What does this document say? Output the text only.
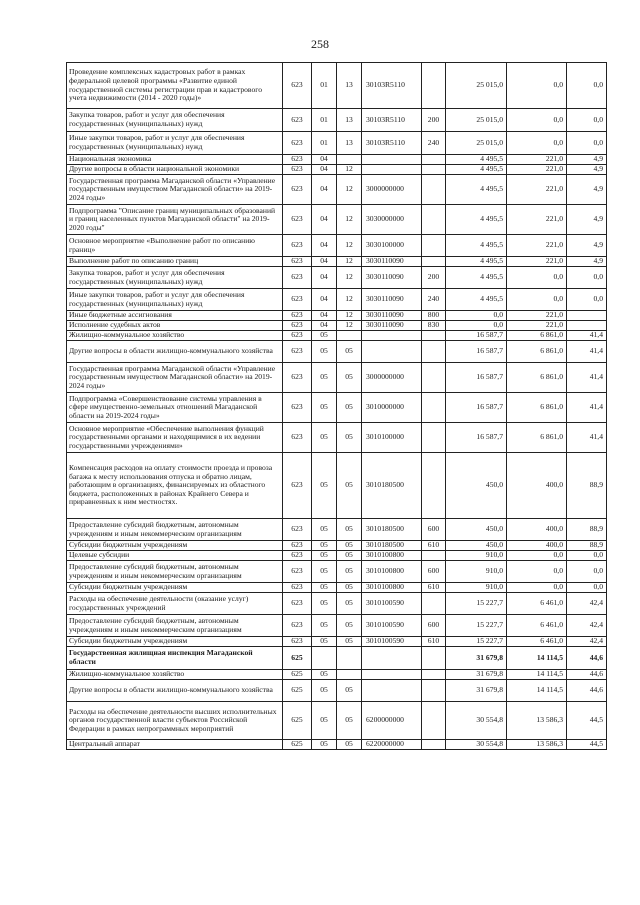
258
Проведение комплексных кадастровых работ в рамках федеральной целевой программы «Развитие единой государственной системы регистрации прав и кадастрового учета недвижимости (2014 - 2020 годы)»	623	01	13	30103R5110		25 015,0	0,0	0,0
Закупка товаров, работ и услуг для обеспечения государственных (муниципальных) нужд	623	01	13	30103R5110	200	25 015,0	0,0	0,0
Иные закупки товаров, работ и услуг для обеспечения государственных (муниципальных) нужд	623	01	13	30103R5110	240	25 015,0	0,0	0,0
Национальная экономика	623	04				4 495,5	221,0	4,9
Другие вопросы в области национальной экономики	623	04	12			4 495,5	221,0	4,9
Государственная программа Магаданской области «Управление государственным имуществом Магаданской области» на 2019-2024 годы»	623	04	12	3000000000		4 495,5	221,0	4,9
Подпрограмма "Описание границ муниципальных образований и границ населенных пунктов Магаданской области" на 2019-2020 годы"	623	04	12	3030000000		4 495,5	221,0	4,9
Основное мероприятие «Выполнение работ по описанию границ»	623	04	12	3030100000		4 495,5	221,0	4,9
Выполнение работ по описанию границ	623	04	12	3030110090		4 495,5	221,0	4,9
Закупка товаров, работ и услуг для обеспечения государственных (муниципальных) нужд	623	04	12	3030110090	200	4 495,5	0,0	0,0
Иные закупки товаров, работ и услуг для обеспечения государственных (муниципальных) нужд	623	04	12	3030110090	240	4 495,5	0,0	0,0
Иные бюджетные ассигнования	623	04	12	3030110090	800	0,0	221,0	
Исполнение судебных актов	623	04	12	3030110090	830	0,0	221,0	
Жилищно-коммунальное хозяйство	623	05				16 587,7	6 861,0	41,4
Другие вопросы в области жилищно-коммунального хозяйства	623	05	05			16 587,7	6 861,0	41,4
Государственная программа Магаданской области «Управление государственным имуществом Магаданской области» на 2019-2024 годы»	623	05	05	3000000000		16 587,7	6 861,0	41,4
Подпрограмма «Совершенствование системы управления в сфере имущественно-земельных отношений Магаданской области на 2019-2024 годы»	623	05	05	3010000000		16 587,7	6 861,0	41,4
Основное мероприятие «Обеспечение выполнения функций государственными органами и находящимися в их ведении государственными учреждениями»	623	05	05	3010100000		16 587,7	6 861,0	41,4
Компенсация расходов на оплату стоимости проезда и провоза багажа к месту использования отпуска и обратно лицам, работающим в организациях, финансируемых из областного бюджета, расположенных в районах Крайнего Севера и приравненных к ним местностях.	623	05	05	3010180500		450,0	400,0	88,9
Предоставление субсидий бюджетным, автономным учреждениям и иным некоммерческим организациям	623	05	05	3010180500	600	450,0	400,0	88,9
Субсидии бюджетным учреждениям	623	05	05	3010180500	610	450,0	400,0	88,9
Целевые субсидии	623	05	05	3010100800		910,0	0,0	0,0
Предоставление субсидий бюджетным, автономным учреждениям и иным некоммерческим организациям	623	05	05	3010100800	600	910,0	0,0	0,0
Субсидии бюджетным учреждениям	623	05	05	3010100800	610	910,0	0,0	0,0
Расходы на обеспечение деятельности (оказание услуг) государственных учреждений	623	05	05	3010100590		15 227,7	6 461,0	42,4
Предоставление субсидий бюджетным, автономным учреждениям и иным некоммерческим организациям	623	05	05	3010100590	600	15 227,7	6 461,0	42,4
Субсидии бюджетным учреждениям	623	05	05	3010100590	610	15 227,7	6 461,0	42,4
Государственная жилищная инспекция Магаданской области	625					31 679,8	14 114,5	44,6
Жилищно-коммунальное хозяйство	625	05				31 679,8	14 114,5	44,6
Другие вопросы в области жилищно-коммунального хозяйства	625	05	05			31 679,8	14 114,5	44,6
Расходы на обеспечение деятельности высших исполнительных органов государственной власти субъектов Российской Федерации в рамках непрограммных мероприятий	625	05	05	6200000000		30 554,8	13 586,3	44,5
Центральный аппарат	625	05	05	6220000000		30 554,8	13 586,3	44,5
